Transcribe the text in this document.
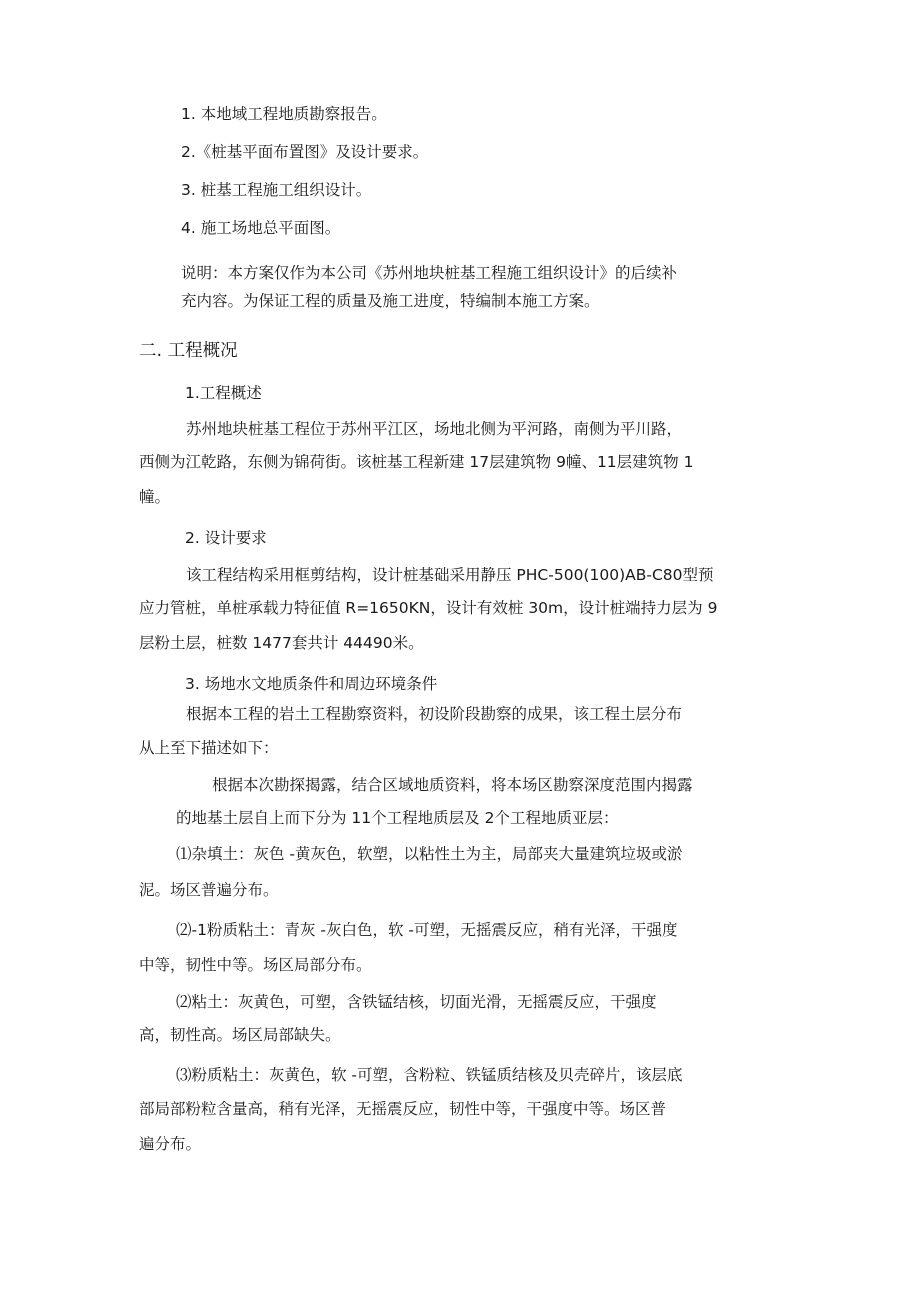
1. 本地域工程地质勘察报告。
2.《桩基平面布置图》及设计要求。
3. 桩基工程施工组织设计。
4. 施工场地总平面图。
说明：本方案仅作为本公司《苏州地块桩基工程施工组织设计》的后续补
充内容。为保证工程的质量及施工进度，特编制本施工方案。
二. 工程概况
1.工程概述
苏州地块桩基工程位于苏州平江区，场地北侧为平河路，南侧为平川路，
西侧为江乾路，东侧为锦荷街。该桩基工程新建 17层建筑物 9幢、11层建筑物 1
幢。
2. 设计要求
该工程结构采用框剪结构，设计桩基础采用静压 PHC-500(100)AB-C80型预
应力管桩，单桩承载力特征值 R=1650KN，设计有效桩 30m，设计桩端持力层为 9
层粉土层，桩数 1477套共计 44490米。
3. 场地水文地质条件和周边环境条件
根据本工程的岩土工程勘察资料，初设阶段勘察的成果，该工程土层分布
从上至下描述如下：
根据本次勘探揭露，结合区域地质资料，将本场区勘察深度范围内揭露
的地基土层自上而下分为 11个工程地质层及 2个工程地质亚层：
⑴杂填土：灰色 -黄灰色，软塑，以粘性土为主，局部夹大量建筑垃圾或淤
泥。场区普遍分布。
⑵-1粉质粘土：青灰 -灰白色，软 -可塑，无摇震反应，稍有光泽，干强度
中等，韧性中等。场区局部分布。
⑵粘土：灰黄色，可塑，含铁锰结核，切面光滑，无摇震反应，干强度
高，韧性高。场区局部缺失。
⑶粉质粘土：灰黄色，软 -可塑，含粉粒、铁锰质结核及贝壳碎片，该层底
部局部粉粒含量高，稍有光泽，无摇震反应，韧性中等，干强度中等。场区普
遍分布。
